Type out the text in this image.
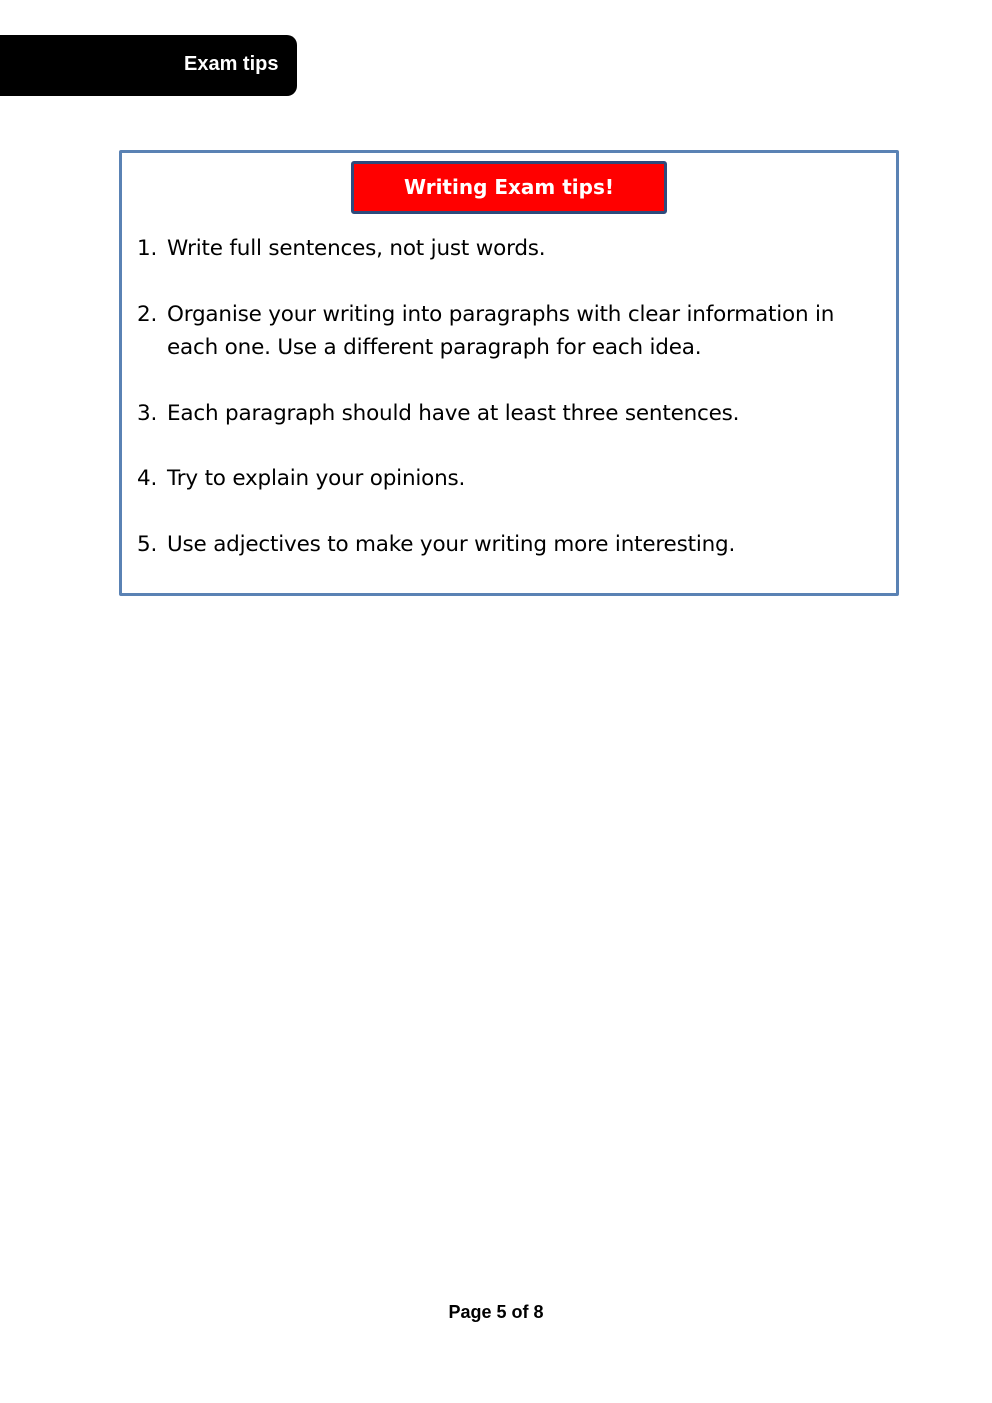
Exam tips
Writing Exam tips!
1. Write full sentences, not just words.
2. Organise your writing into paragraphs with clear information in each one. Use a different paragraph for each idea.
3. Each paragraph should have at least three sentences.
4. Try to explain your opinions.
5. Use adjectives to make your writing more interesting.
Page 5 of 8
